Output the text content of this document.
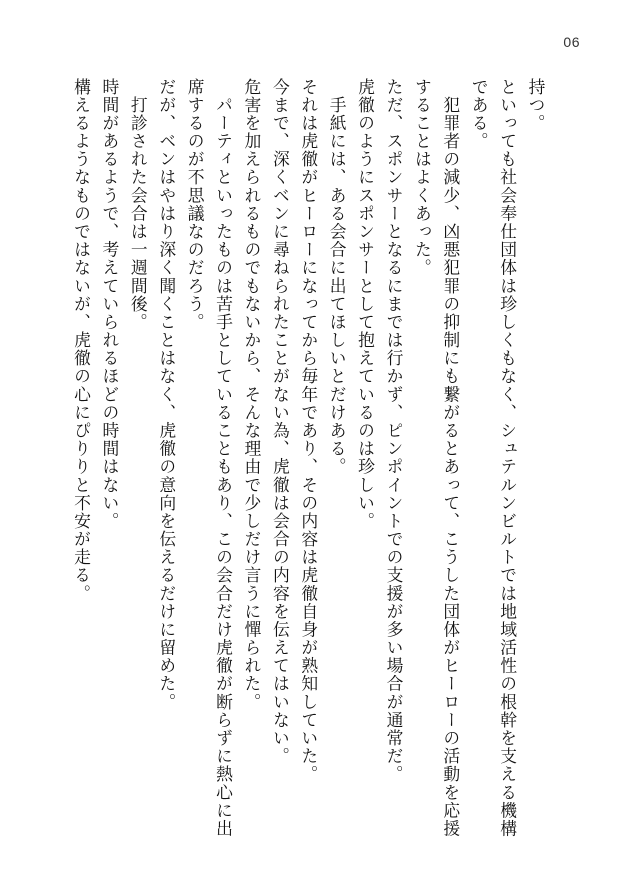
06
持つ。
といっても社会奉仕団体は珍しくもなく、シュテルンビルトでは地域活性の根幹を支える機構
である。
　犯罪者の減少、凶悪犯罪の抑制にも繋がるとあって、こうした団体がヒーローの活動を応援
することはよくあった。
ただ、スポンサーとなるにまでは行かず、ピンポイントでの支援が多い場合が通常だ。
虎徹のようにスポンサーとして抱えているのは珍しい。
　手紙には、ある会合に出てほしいとだけある。
それは虎徹がヒーローになってから毎年であり、その内容は虎徹自身が熟知していた。
今まで、深くベンに尋ねられたことがない為、虎徹は会合の内容を伝えてはいない。
危害を加えられるものでもないから、そんな理由で少しだけ言うに憚られた。
　パーティといったものは苦手としていることもあり、この会合だけ虎徹が断らずに熱心に出
席するのが不思議なのだろう。
だが、ベンはやはり深く聞くことはなく、虎徹の意向を伝えるだけに留めた。
　打診された会合は一週間後。
時間があるようで、考えていられるほどの時間はない。
構えるようなものではないが、虎徹の心にぴりりと不安が走る。
